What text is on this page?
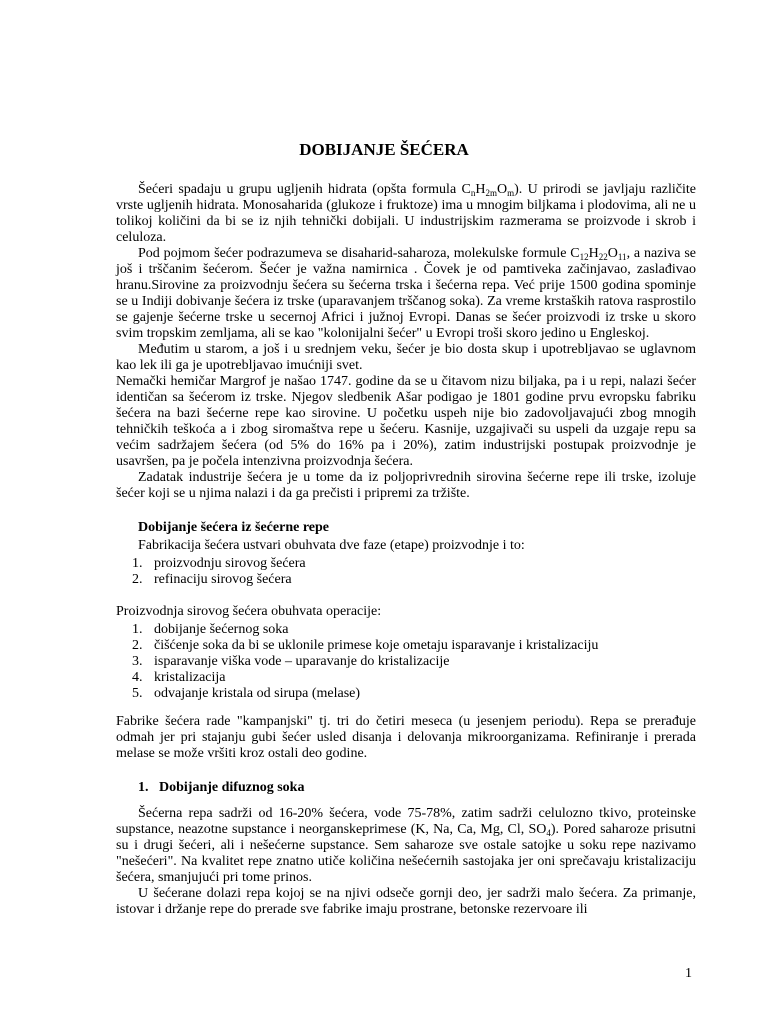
DOBIJANJE ŠEĆERA

Šećeri spadaju u grupu ugljenih hidrata (opšta formula $C_nH_{2m}O_m$). U prirodi se javljaju različite vrste ugljenih hidrata. Monosaharida (glukoze i fruktoze) ima u mnogim biljkama i plodovima, ali ne u tolikoj količini da bi se iz njih tehnički dobijali. U industrijskim razmerama se proizvode i skrob i celuloza.

Pod pojmom šećer podrazumeva se disaharid-saharoza, molekulske formule $C_{12}H_{22}O_{11}$, a naziva se još i trščanim šećerom. Šećer je važna namirnica . Čovek je od pamtiveka začinjavao, zaslađivao hranu.Sirovine za proizvodnju šećera su šećerna trska i šećerna repa. Već prije 1500 godina spominje se u Indiji dobivanje šećera iz trske (uparavanjem trščanog soka). Za vreme krstaških ratova rasprostilo se gajenje šećerne trske u secernoj Africi i južnoj Evropi. Danas se šećer proizvodi iz trske u skoro svim tropskim zemljama, ali se kao "kolonijalni šećer" u Evropi troši skoro jedino u Engleskoj.

Međutim u starom, a još i u srednjem veku, šećer je bio dosta skup i upotrebljavao se uglavnom kao lek ili ga je upotrebljavao imućniji svet.

Nemački hemičar Margrof je našao 1747. godine da se u čitavom nizu biljaka, pa i u repi, nalazi šećer identičan sa šećerom iz trske. Njegov sledbenik Ašar podigao je 1801 godine prvu evropsku fabriku šećera na bazi šećerne repe kao sirovine. U početku uspeh nije bio zadovoljavajući zbog mnogih tehničkih teškoća a i zbog siromaštva repe u šećeru. Kasnije, uzgajivači su uspeli da uzgaje repu sa većim sadržajem šećera (od 5% do 16% pa i 20%), zatim industrijski postupak proizvodnje je usavršen, pa je počela intenzivna proizvodnja šećera.

Zadatak industrije šećera je u tome da iz poljoprivrednih sirovina šećerne repe ili trske, izoluje šećer koji se u njima nalazi i da ga prečisti i pripremi za tržište.

Dobijanje šećera iz šećerne repe

Fabrikacija šećera ustvari obuhvata dve faze (etape) proizvodnje i to:

1. proizvodnju sirovog šećera
2. refinaciju sirovog šećera

Proizvodnja sirovog šećera obuhvata operacije:

1. dobijanje šećernog soka
2. čišćenje soka da bi se uklonile primese koje ometaju isparavanje i kristalizaciju
3. isparavanje viška vode – uparavanje do kristalizacije
4. kristalizacija
5. odvajanje kristala od sirupa (melase)

Fabrike šećera rade "kampanjski" tj. tri do četiri meseca (u jesenjem periodu). Repa se prerađuje odmah jer pri stajanju gubi šećer usled disanja i delovanja mikroorganizama. Refiniranje i prerada melase se može vršiti kroz ostali deo godine.

1. Dobijanje difuznog soka

Šećerna repa sadrži od 16-20% šećera, vode 75-78%, zatim sadrži celulozno tkivo, proteinske supstance, neazotne supstance i neorganskeprimese (K, Na, Ca, Mg, Cl, $SO_4$). Pored saharoze prisutni su i drugi šećeri, ali i nešećerne supstance. Sem saharoze sve ostale satojke u soku repe nazivamo "nešećeri". Na kvalitet repe znatno utiče količina nešećernih sastojaka jer oni sprečavaju kristalizaciju šećera, smanjujući pri tome prinos.

U šećerane dolazi repa kojoj se na njivi odseče gornji deo, jer sadrži malo šećera. Za primanje, istovar i držanje repe do prerade sve fabrike imaju prostrane, betonske rezervoare ili

1
